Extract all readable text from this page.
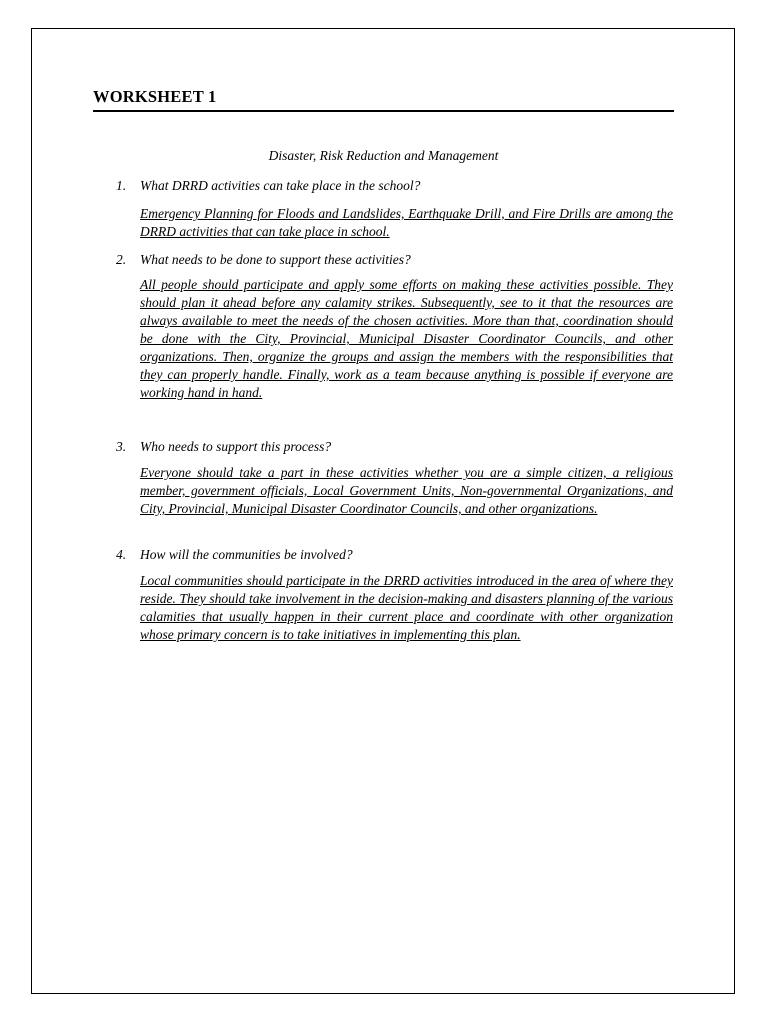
WORKSHEET 1
Disaster, Risk Reduction and Management
1. What DRRD activities can take place in the school?
Emergency Planning for Floods and Landslides, Earthquake Drill, and Fire Drills are among the DRRD activities that can take place in school.
2. What needs to be done to support these activities?
All people should participate and apply some efforts on making these activities possible. They should plan it ahead before any calamity strikes. Subsequently, see to it that the resources are always available to meet the needs of the chosen activities. More than that, coordination should be done with the City, Provincial, Municipal Disaster Coordinator Councils, and other organizations. Then, organize the groups and assign the members with the responsibilities that they can properly handle. Finally, work as a team because anything is possible if everyone are working hand in hand.
3. Who needs to support this process?
Everyone should take a part in these activities whether you are a simple citizen, a religious member, government officials, Local Government Units, Non-governmental Organizations, and City, Provincial, Municipal Disaster Coordinator Councils, and other organizations.
4. How will the communities be involved?
Local communities should participate in the DRRD activities introduced in the area of where they reside. They should take involvement in the decision-making and disasters planning of the various calamities that usually happen in their current place and coordinate with other organization whose primary concern is to take initiatives in implementing this plan.
